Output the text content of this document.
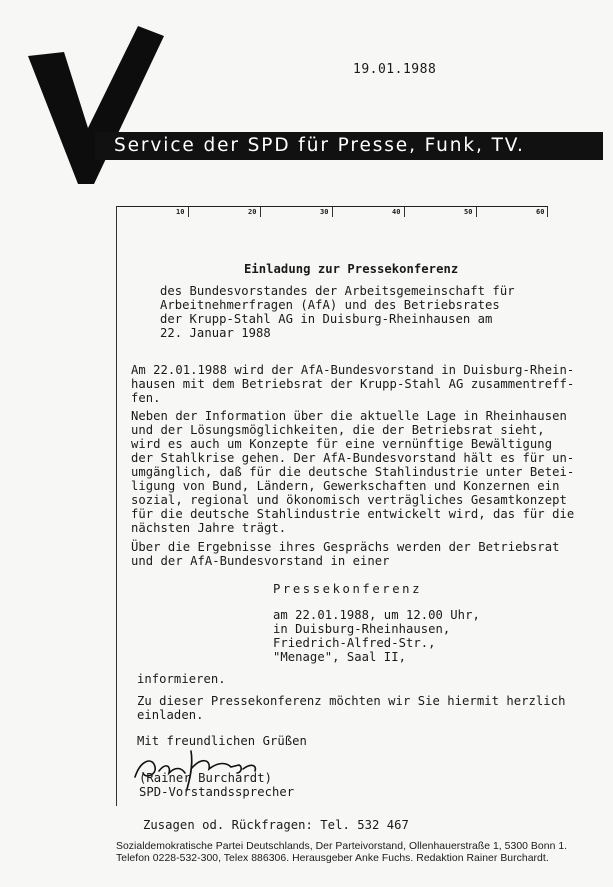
19.01.1988
Service der SPD für Presse, Funk, TV.
10	20	30	40	50	60
Einladung zur Pressekonferenz
des Bundesvorstandes der Arbeitsgemeinschaft für
Arbeitnehmerfragen (AfA) und des Betriebsrates
der Krupp-Stahl AG in Duisburg-Rheinhausen am
22. Januar 1988
Am 22.01.1988 wird der AfA-Bundesvorstand in Duisburg-Rhein-
hausen mit dem Betriebsrat der Krupp-Stahl AG zusammentreff-
fen.
Neben der Information über die aktuelle Lage in Rheinhausen
und der Lösungsmöglichkeiten, die der Betriebsrat sieht,
wird es auch um Konzepte für eine vernünftige Bewältigung
der Stahlkrise gehen. Der AfA-Bundesvorstand hält es für un-
umgänglich, daß für die deutsche Stahlindustrie unter Betei-
ligung von Bund, Ländern, Gewerkschaften und Konzernen ein
sozial, regional und ökonomisch verträgliches Gesamtkonzept
für die deutsche Stahlindustrie entwickelt wird, das für die
nächsten Jahre trägt.
Über die Ergebnisse ihres Gesprächs werden der Betriebsrat
und der AfA-Bundesvorstand in einer
Pressekonferenz
am 22.01.1988, um 12.00 Uhr,
in Duisburg-Rheinhausen,
Friedrich-Alfred-Str.,
"Menage", Saal II,
informieren.
Zu dieser Pressekonferenz möchten wir Sie hiermit herzlich
einladen.
Mit freundlichen Grüßen
(Rainer Burchardt)
SPD-Vorstandssprecher
Zusagen od. Rückfragen: Tel. 532 467
Sozialdemokratische Partei Deutschlands, Der Parteivorstand, Ollenhauerstraße 1, 5300 Bonn 1.
Telefon 0228-532-300, Telex 886306. Herausgeber Anke Fuchs. Redaktion Rainer Burchardt.
